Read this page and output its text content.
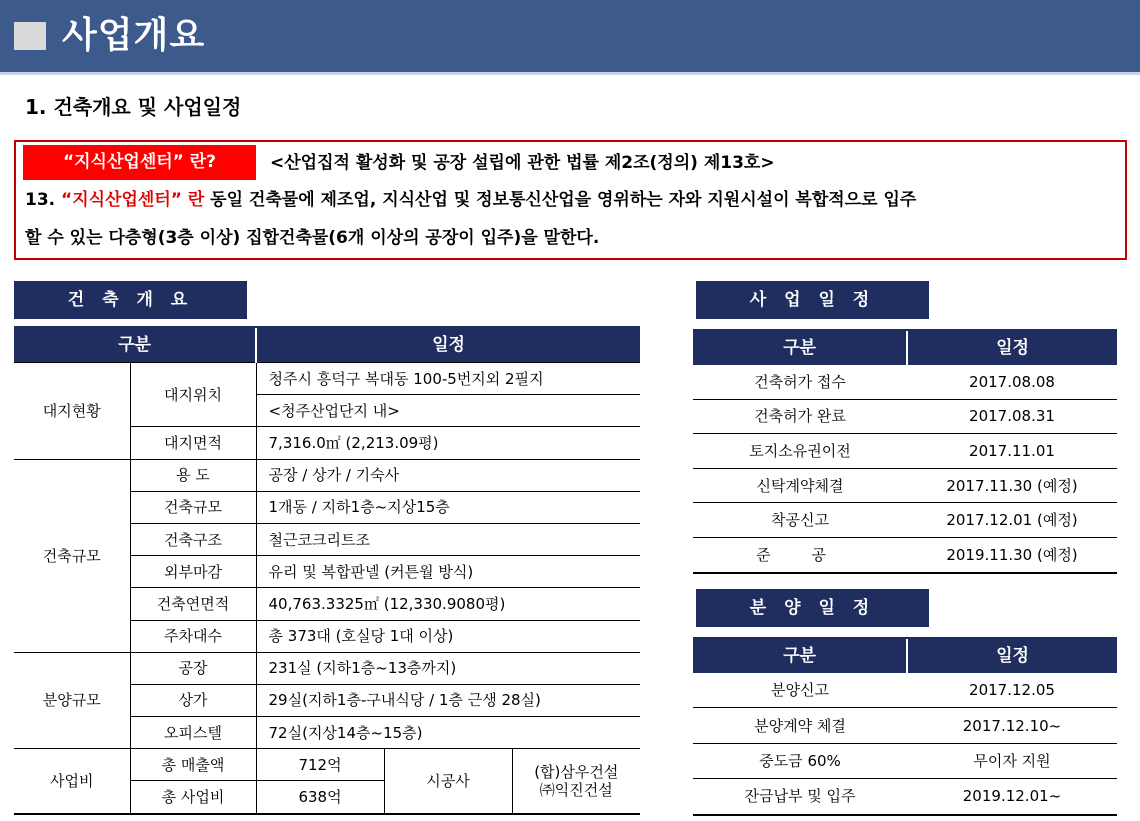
사업개요
1. 건축개요 및 사업일정
“지식산업센터” 란?	<산업집적 활성화 및 공장 설립에 관한 법률 제2조(정의) 제13호>
13. “지식산업센터” 란 동일 건축물에 제조업, 지식산업 및 정보통신산업을 영위하는 자와 지원시설이 복합적으로 입주
할 수 있는 다층형(3층 이상) 집합건축물(6개 이상의 공장이 입주)을 말한다.
건 축 개 요	사 업 일 정
분 양 일 정
구분		일정		
대지현황	대지위치	청주시 흥덕구 복대동 100-5번지외 2필지		
		<청주산업단지 내>		
	대지면적	7,316.0㎡ (2,213.09평)		
건축규모	용 도	공장 / 상가 / 기숙사		
	건축규모	1개동 / 지하1층~지상15층		
	건축구조	철근코크리트조		
	외부마감	유리 및 복합판넬 (커튼월 방식)		
	건축연면적	40,763.3325㎡ (12,330.9080평)		
	주차대수	총 373대 (호실당 1대 이상)		
분양규모	공장	231실 (지하1층~13층까지)		
	상가	29실(지하1층-구내식당 / 1층 근생 28실)		
	오피스텔	72실(지상14층~15층)		
사업비	총 매출액	712억	시공사	(합)삼우건설
㈜익진건설

	총 사업비	638억		
구분	일정
건축허가 접수	2017.08.08
건축허가 완료	2017.08.31
토지소유권이전	2017.11.01
신탁계약체결	2017.11.30 (예정)
착공신고	2017.12.01 (예정)
준 공	2019.11.30 (예정)
구분	일정
분양신고	2017.12.05
분양계약 체결	2017.12.10~
중도금 60%	무이자 지원
잔금납부 및 입주	2019.12.01~
